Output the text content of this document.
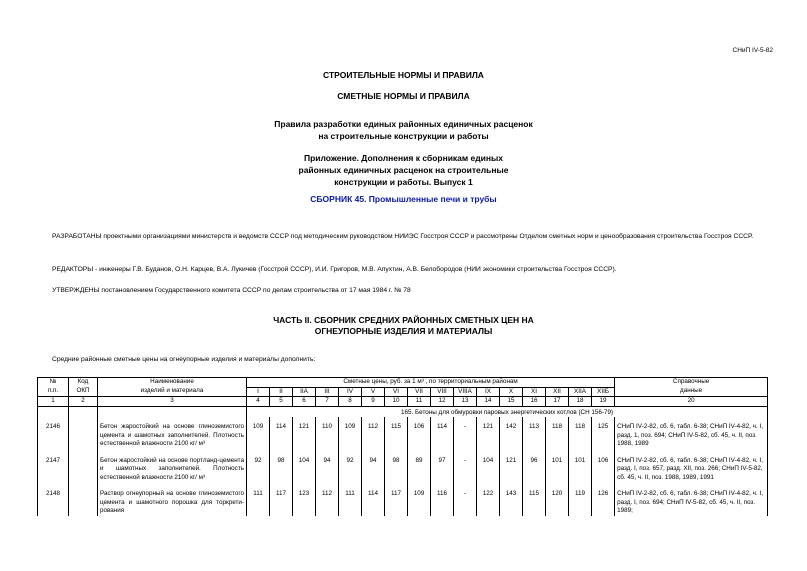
СНиП IV-5-82
СТРОИТЕЛЬНЫЕ НОРМЫ И ПРАВИЛА
СМЕТНЫЕ НОРМЫ И ПРАВИЛА
Правила разработки единых районных единичных расценок на строительные конструкции и работы
Приложение. Дополнения к сборникам единых районных единичных расценок на строительные конструкции и работы. Выпуск 1
СБОРНИК 45. Промышленные печи и трубы
РАЗРАБОТАНЫ проектными организациями министерств и ведомств СССР под методическим руководством НИИЭС Госстроя СССР и рассмотрены Отделом сметных норм и ценообразования строительства Госстроя СССР.
РЕДАКТОРЫ - инженеры Г.В. Буданов, О.Н. Карцев, В.А. Лукичев (Госстрой СССР), И.И. Григоров, М.В. Апухтин, А.В. Белобородов (НИИ экономики строительства Госстроя СССР).
УТВЕРЖДЕНЫ постановлением Государственного комитета СССР по делам строительства от 17 мая 1984 г. № 78
ЧАСТЬ II. СБОРНИК СРЕДНИХ РАЙОННЫХ СМЕТНЫХ ЦЕН НА ОГНЕУПОРНЫЕ ИЗДЕЛИЯ И МАТЕРИАЛЫ
Средние районные сметные цены на огнеупорные изделия и материалы дополнить:
№	Код	Наименование	Сметные цены, руб. за 1 м³ , по территориальным районам																Справочные
п.п.	ОКП	изделий и материала	I	II	IIA	III	IV	V	VI	VII	VIII	VIIIA	IX	X	XI	XII	XIIA	XIIБ	данные
1	2	3	4	5	6	7	8	9	10	11	12	13	14	15	16	17	18	19	20
			165. Бетоны для обмуровки паровых энергетических котлов (СН 156-79)																
2146		Бетон жаростойкий на основе глиноземистого цемента и шамотных заполнителей. Плотность естественной влажности 2100 кг/ м³	109	114	121	110	109	112	115	106	114	-	121	142	113	118	118	125	СНиП IV-2-82, сб. 6, табл. 6-38; СНиП IV-4-82, ч. I, разд. 1, поз. 694; СНиП IV-5-82, сб. 45, ч. II, поз. 1988, 1989
2147		Бетон жаростойкий на основе портланд-цемента и шамотных заполнителей. Плотность естественной влажности 2100 кг/ м³	92	98	104	94	92	94	98	89	97	-	104	121	96	101	101	106	СНиП IV-2-82, сб. 6, табл. 6-38; СНиП IV-4-82, ч. I, разд. I, поз. 657, разд. XII, поз. 266; СНиП IV-5-82, сб. 45, ч. II, поз. 1988, 1989, 1991
2148		Раствор огнеупорный на основе глиноземистого цемента и шамотного порошка для торкрети-рования	111	117	123	112	111	114	117	109	116	-	122	143	115	120	119	126	СНиП IV-2-82, сб. 6, табл. 6-38; СНиП IV-4-82, ч. I, разд. I, поз. 694; СНиП IV-5-82, сб. 45, ч. II, поз. 1989;
